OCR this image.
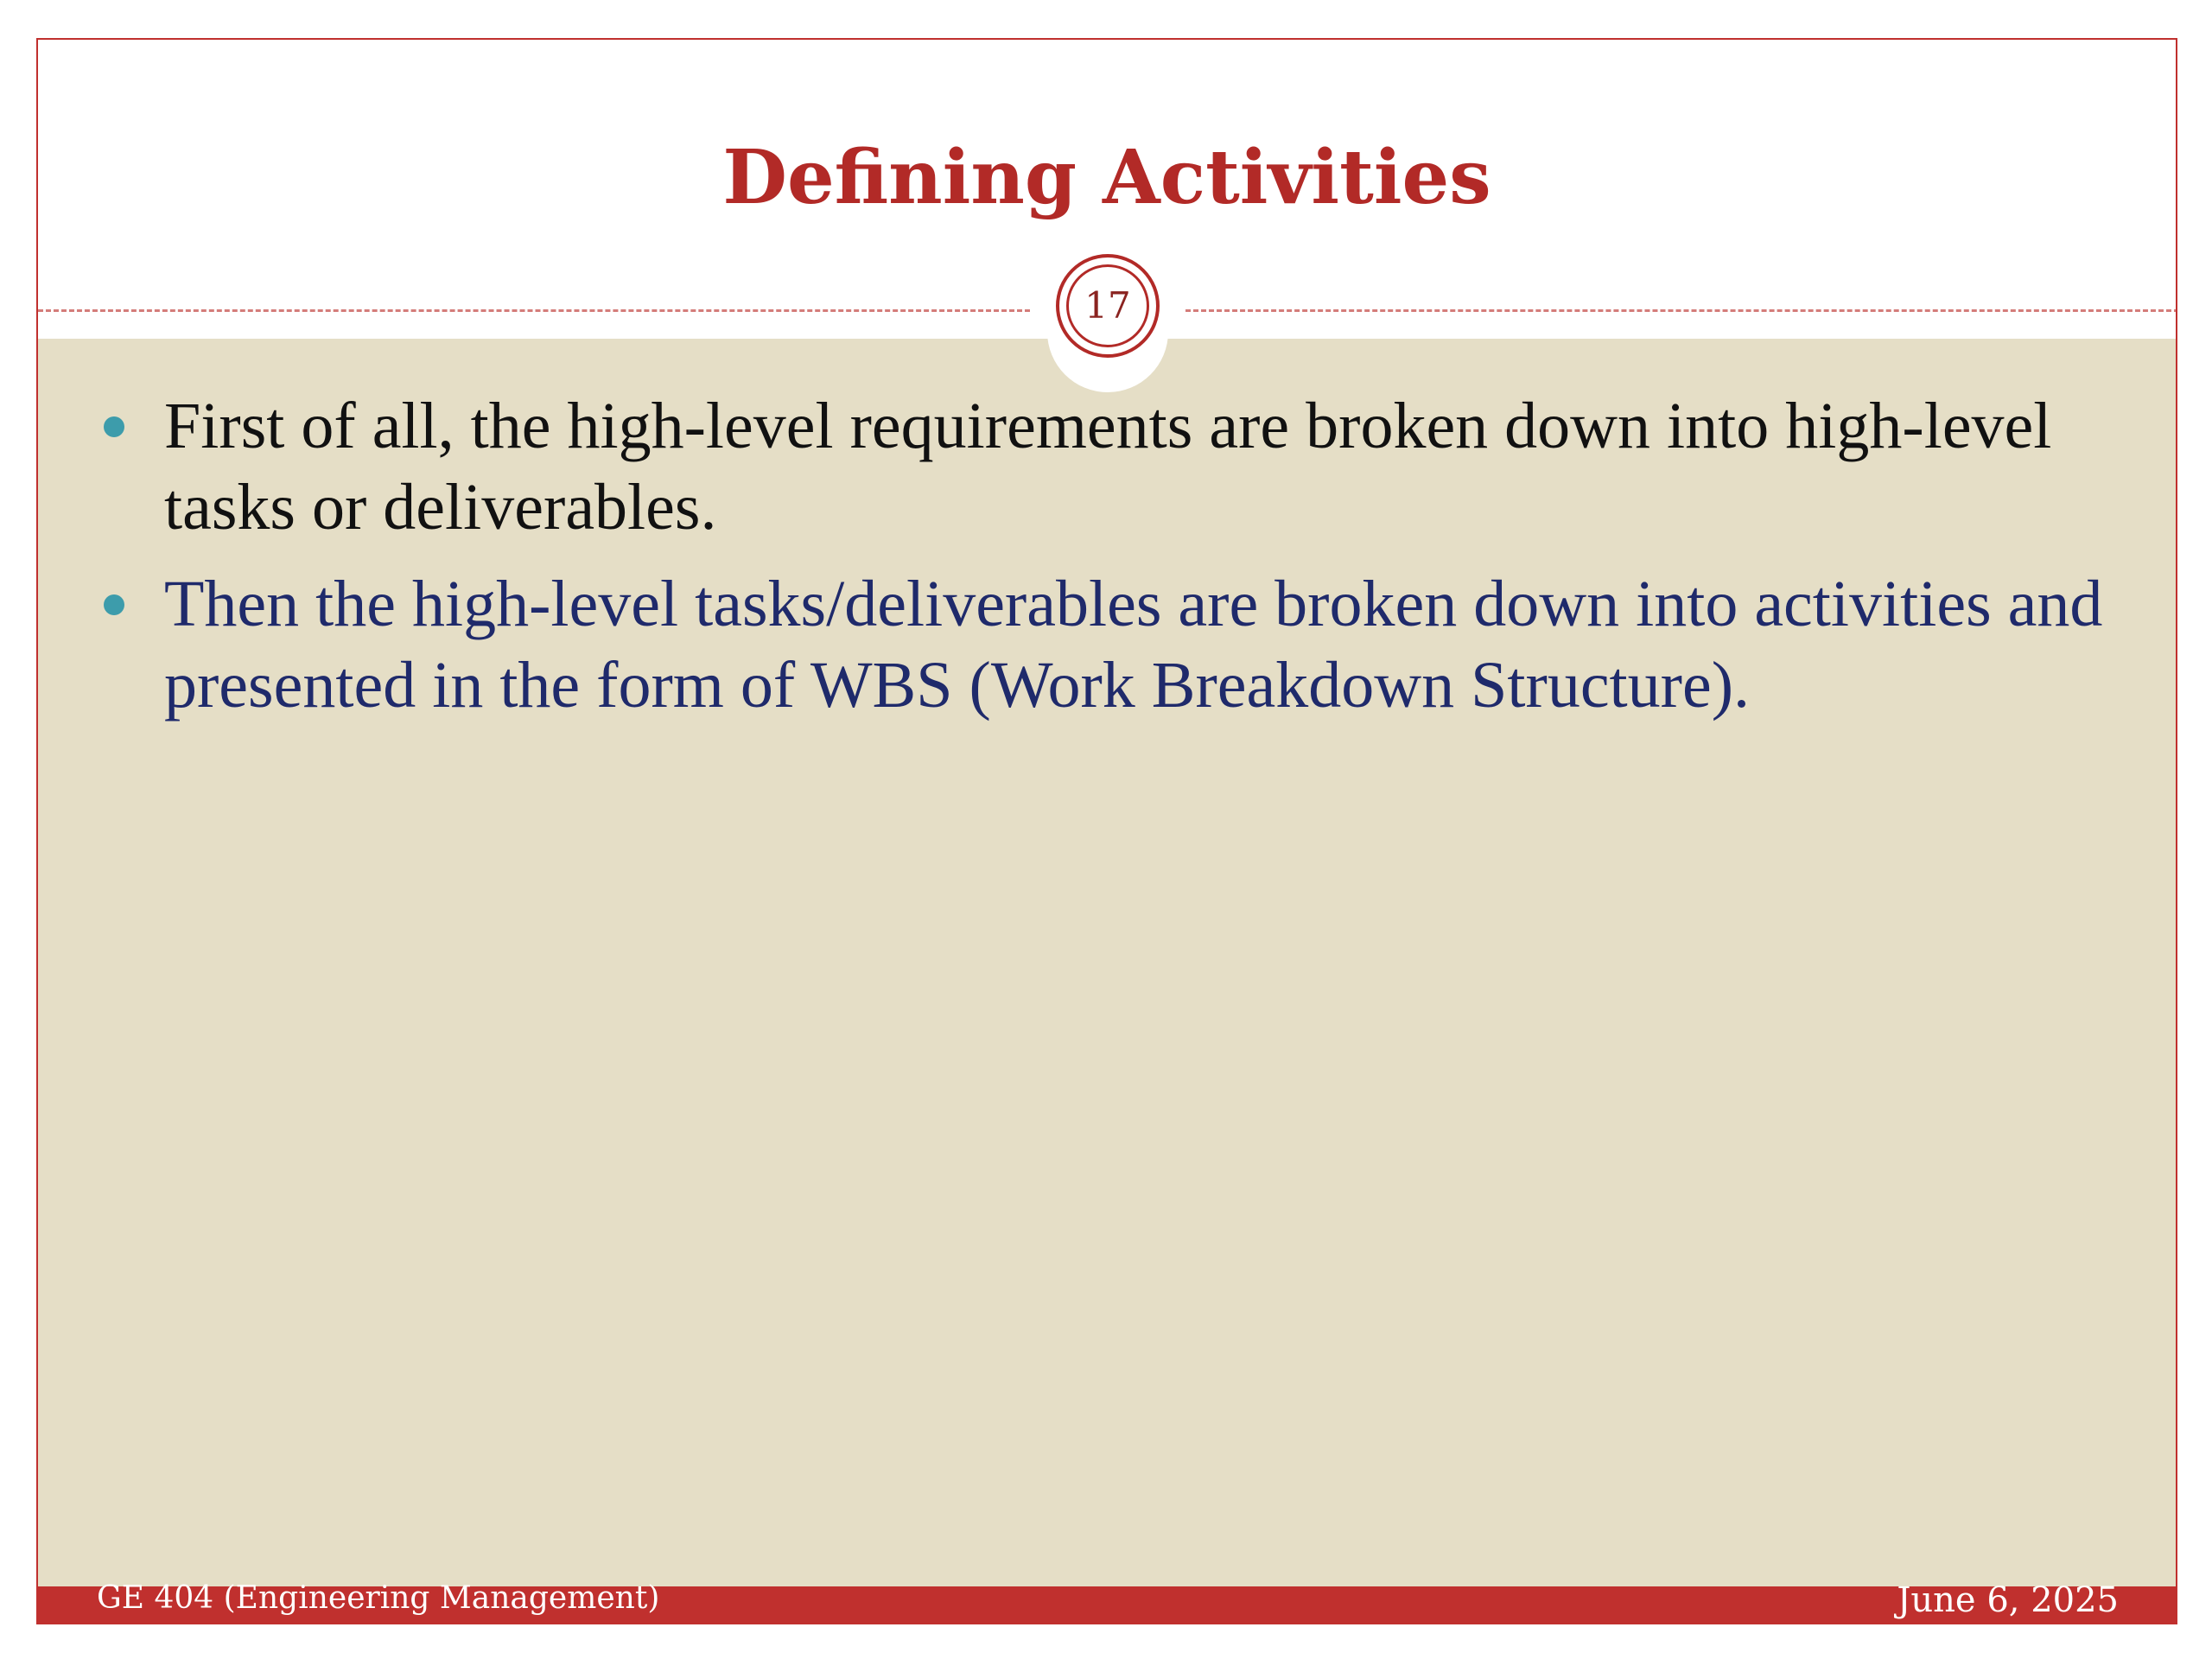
Defining Activities
17
First of all, the high-level requirements are broken down into high-level tasks or deliverables.
Then the high-level tasks/deliverables are broken down into activities and presented in the form of WBS (Work Breakdown Structure).
GE 404 (Engineering Management)	June 6, 2025
